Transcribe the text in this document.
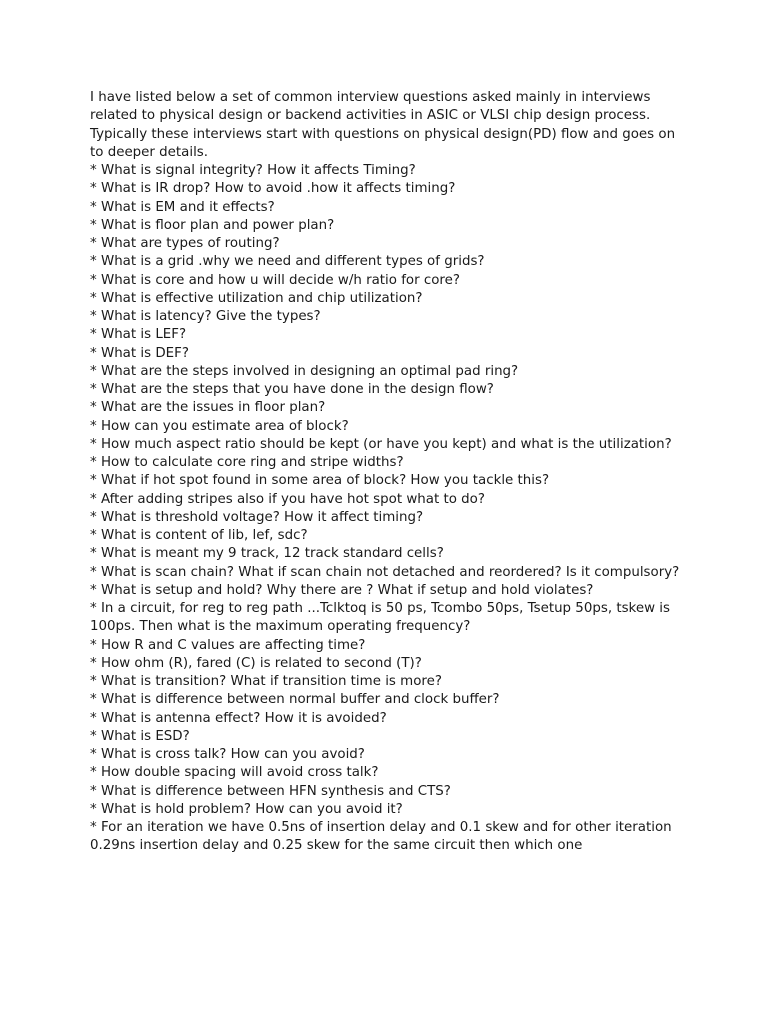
I have listed below a set of common interview questions asked mainly in interviews related to physical design or backend activities in ASIC or VLSI chip design process. Typically these interviews start with questions on physical design(PD) flow and goes on to deeper details.

* What is signal integrity? How it affects Timing?
* What is IR drop? How to avoid .how it affects timing?
* What is EM and it effects?
* What is floor plan and power plan?
* What are types of routing?
* What is a grid .why we need and different types of grids?
* What is core and how u will decide w/h ratio for core?
* What is effective utilization and chip utilization?
* What is latency? Give the types?
* What is LEF?
* What is DEF?
* What are the steps involved in designing an optimal pad ring?
* What are the steps that you have done in the design flow?
* What are the issues in floor plan?
* How can you estimate area of block?
* How much aspect ratio should be kept (or have you kept) and what is the utilization?
* How to calculate core ring and stripe widths?
* What if hot spot found in some area of block? How you tackle this?
* After adding stripes also if you have hot spot what to do?
* What is threshold voltage? How it affect timing?
* What is content of lib, lef, sdc?
* What is meant my 9 track, 12 track standard cells?
* What is scan chain? What if scan chain not detached and reordered? Is it compulsory?
* What is setup and hold? Why there are ? What if setup and hold violates?
* In a circuit, for reg to reg path ...Tclktoq is 50 ps, Tcombo 50ps, Tsetup 50ps, tskew is 100ps. Then what is the maximum operating frequency?
* How R and C values are affecting time?
* How ohm (R), fared (C) is related to second (T)?
* What is transition? What if transition time is more?
* What is difference between normal buffer and clock buffer?
* What is antenna effect? How it is avoided?
* What is ESD?
* What is cross talk? How can you avoid?
* How double spacing will avoid cross talk?
* What is difference between HFN synthesis and CTS?
* What is hold problem? How can you avoid it?
* For an iteration we have 0.5ns of insertion delay and 0.1 skew and for other iteration 0.29ns insertion delay and 0.25 skew for the same circuit then which one
